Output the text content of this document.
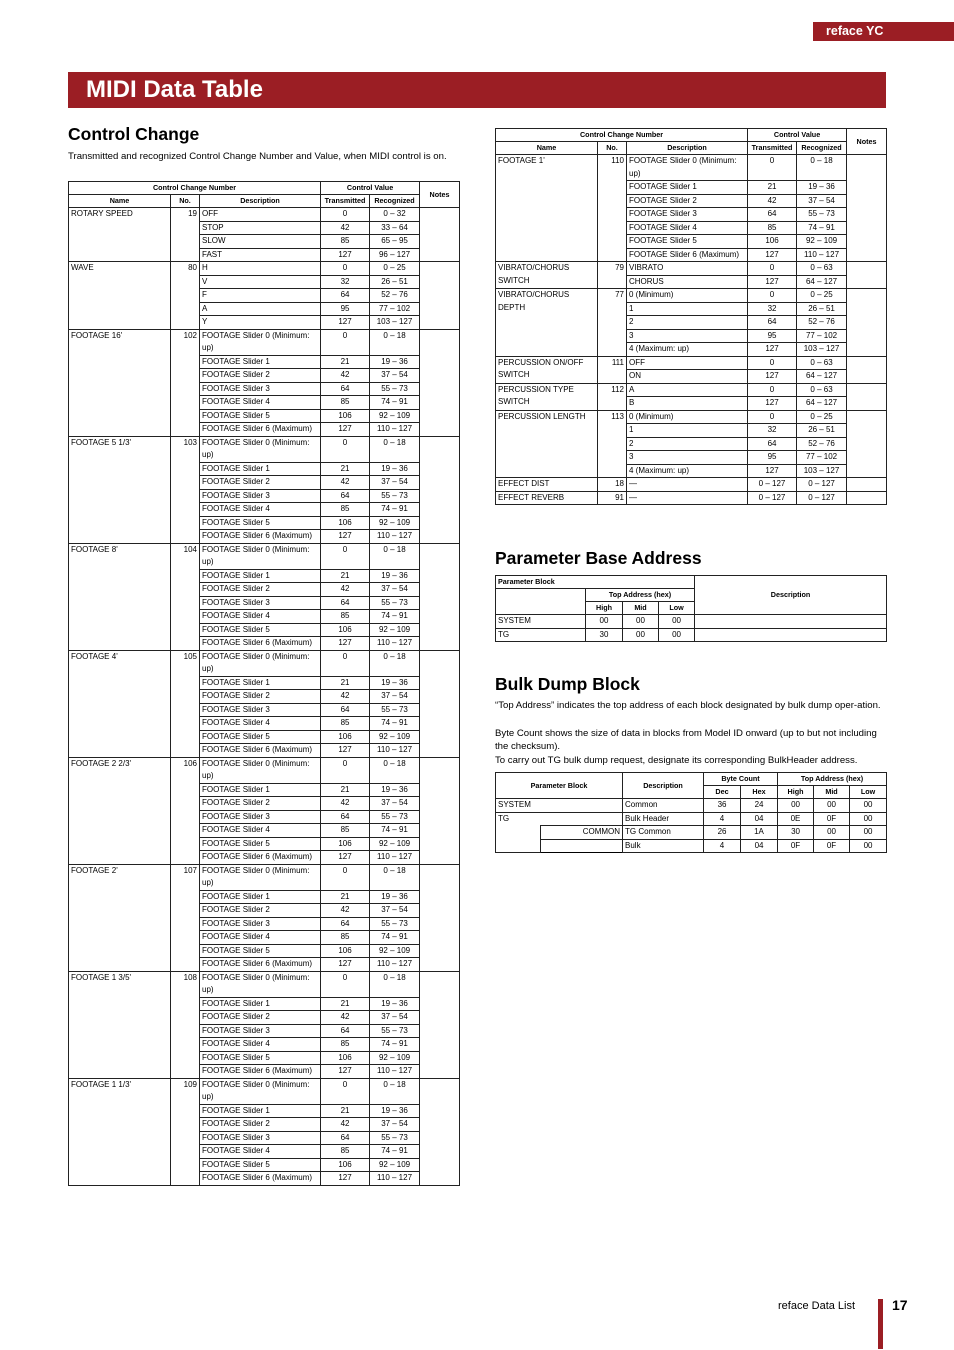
reface YC
MIDI Data Table
Control Change

Transmitted and recognized Control Change Number and Value, when MIDI control is on.

Control Change Number			Control Value		Notes
Name	No.	Description	Transmitted	Recognized	
ROTARY SPEED	19	OFF	0	0 – 32	
		STOP	42	33 – 64	
		SLOW	85	65 – 95	
		FAST	127	96 – 127	
WAVE	80	H	0	0 – 25	
		V	32	26 – 51	
		F	64	52 – 76	
		A	95	77 – 102	
		Y	127	103 – 127	
FOOTAGE 16'	102	FOOTAGE Slider 0 (Minimum: up)	0	0 – 18	
		FOOTAGE Slider 1	21	19 – 36	
		FOOTAGE Slider 2	42	37 – 54	
		FOOTAGE Slider 3	64	55 – 73	
		FOOTAGE Slider 4	85	74 – 91	
		FOOTAGE Slider 5	106	92 – 109	
		FOOTAGE Slider 6 (Maximum)	127	110 – 127	
FOOTAGE 5 1/3'	103	FOOTAGE Slider 0 (Minimum: up)	0	0 – 18	
		FOOTAGE Slider 1	21	19 – 36	
		FOOTAGE Slider 2	42	37 – 54	
		FOOTAGE Slider 3	64	55 – 73	
		FOOTAGE Slider 4	85	74 – 91	
		FOOTAGE Slider 5	106	92 – 109	
		FOOTAGE Slider 6 (Maximum)	127	110 – 127	
FOOTAGE 8'	104	FOOTAGE Slider 0 (Minimum: up)	0	0 – 18	
		FOOTAGE Slider 1	21	19 – 36	
		FOOTAGE Slider 2	42	37 – 54	
		FOOTAGE Slider 3	64	55 – 73	
		FOOTAGE Slider 4	85	74 – 91	
		FOOTAGE Slider 5	106	92 – 109	
		FOOTAGE Slider 6 (Maximum)	127	110 – 127	
FOOTAGE 4'	105	FOOTAGE Slider 0 (Minimum: up)	0	0 – 18	
		FOOTAGE Slider 1	21	19 – 36	
		FOOTAGE Slider 2	42	37 – 54	
		FOOTAGE Slider 3	64	55 – 73	
		FOOTAGE Slider 4	85	74 – 91	
		FOOTAGE Slider 5	106	92 – 109	
		FOOTAGE Slider 6 (Maximum)	127	110 – 127	
FOOTAGE 2 2/3'	106	FOOTAGE Slider 0 (Minimum: up)	0	0 – 18	
		FOOTAGE Slider 1	21	19 – 36	
		FOOTAGE Slider 2	42	37 – 54	
		FOOTAGE Slider 3	64	55 – 73	
		FOOTAGE Slider 4	85	74 – 91	
		FOOTAGE Slider 5	106	92 – 109	
		FOOTAGE Slider 6 (Maximum)	127	110 – 127	
FOOTAGE 2'	107	FOOTAGE Slider 0 (Minimum: up)	0	0 – 18	
		FOOTAGE Slider 1	21	19 – 36	
		FOOTAGE Slider 2	42	37 – 54	
		FOOTAGE Slider 3	64	55 – 73	
		FOOTAGE Slider 4	85	74 – 91	
		FOOTAGE Slider 5	106	92 – 109	
		FOOTAGE Slider 6 (Maximum)	127	110 – 127	
FOOTAGE 1 3/5'	108	FOOTAGE Slider 0 (Minimum: up)	0	0 – 18	
		FOOTAGE Slider 1	21	19 – 36	
		FOOTAGE Slider 2	42	37 – 54	
		FOOTAGE Slider 3	64	55 – 73	
		FOOTAGE Slider 4	85	74 – 91	
		FOOTAGE Slider 5	106	92 – 109	
		FOOTAGE Slider 6 (Maximum)	127	110 – 127	
FOOTAGE 1 1/3'	109	FOOTAGE Slider 0 (Minimum: up)	0	0 – 18	
		FOOTAGE Slider 1	21	19 – 36	
		FOOTAGE Slider 2	42	37 – 54	
		FOOTAGE Slider 3	64	55 – 73	
		FOOTAGE Slider 4	85	74 – 91	
		FOOTAGE Slider 5	106	92 – 109	
		FOOTAGE Slider 6 (Maximum)	127	110 – 127	
Control Change Number			Control Value		Notes
Name	No.	Description	Transmitted	Recognized	
FOOTAGE 1'	110	FOOTAGE Slider 0 (Minimum: up)	0	0 – 18	
		FOOTAGE Slider 1	21	19 – 36	
		FOOTAGE Slider 2	42	37 – 54	
		FOOTAGE Slider 3	64	55 – 73	
		FOOTAGE Slider 4	85	74 – 91	
		FOOTAGE Slider 5	106	92 – 109	
		FOOTAGE Slider 6 (Maximum)	127	110 – 127	
VIBRATO/CHORUS SWITCH	79	VIBRATO	0	0 – 63	
		CHORUS	127	64 – 127	
VIBRATO/CHORUS DEPTH	77	0 (Minimum)	0	0 – 25	
		1	32	26 – 51	
		2	64	52 – 76	
		3	95	77 – 102	
		4 (Maximum: up)	127	103 – 127	
PERCUSSION ON/OFF SWITCH	111	OFF	0	0 – 63	
		ON	127	64 – 127	
PERCUSSION TYPE SWITCH	112	A	0	0 – 63	
		B	127	64 – 127	
PERCUSSION LENGTH	113	0 (Minimum)	0	0 – 25	
		1	32	26 – 51	
		2	64	52 – 76	
		3	95	77 – 102	
		4 (Maximum: up)	127	103 – 127	
EFFECT DIST	18	—	0 – 127	0 – 127	
EFFECT REVERB	91	—	0 – 127	0 – 127	
Parameter Base Address
Parameter Block				Description
	Top Address (hex)			
	High	Mid	Low	
SYSTEM	00	00	00	
TG	30	00	00	
Bulk Dump Block

“Top Address” indicates the top address of each block designated by bulk dump oper-ation.

Byte Count shows the size of data in blocks from Model ID onward (up to but not including the checksum).

To carry out TG bulk dump request, designate its corresponding BulkHeader address.

Parameter Block		Description	Byte Count		Top Address (hex)		
			Dec	Hex	High	Mid	Low
SYSTEM		Common	36	24	00	00	00
TG		Bulk Header	4	04	0E	0F	00
	COMMON	TG Common	26	1A	30	00	00
		Bulk	4	04	0F	0F	00
reface Data List	17
